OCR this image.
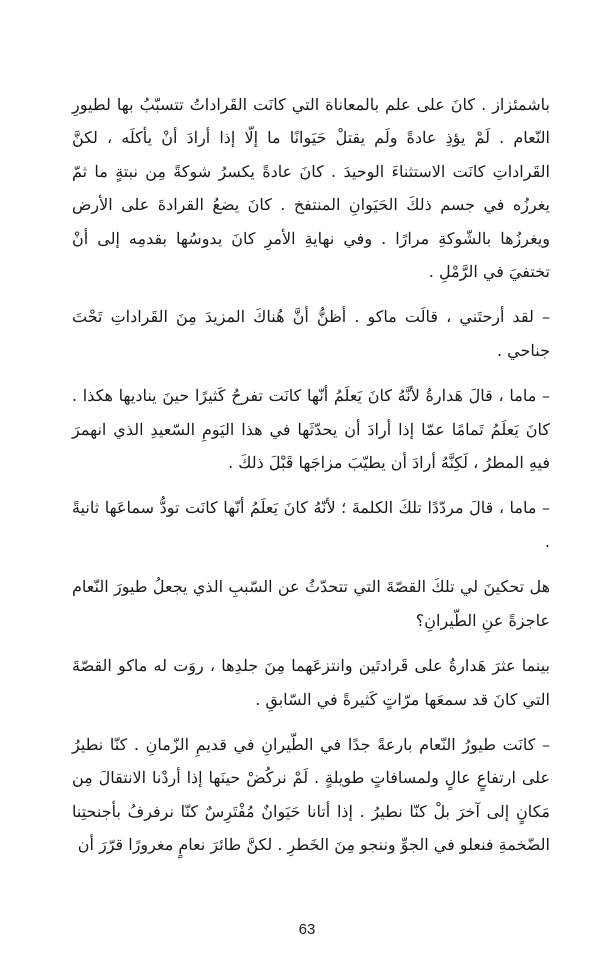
باشمئزاز . كانَ على علم بالمعاناة التي كانَت القَراداتُ تتسبّبُ بها لطيورِ النّعام . لَمْ يؤذِ عادةً ولَم يقتلْ حَيَوانًا ما إلّا إذا أرادَ أنْ يأكلَه ، لكنَّ القَراداتِ كانَت الاستثناءَ الوحيدَ . كانَ عادةً يكسرُ شوكةً مِن نبتةٍ ما ثمّ يغرزُه في جسم ذلكَ الحَيَوانِ المنتفخ . كانَ يضعُ القرادةَ على الأرض ويغرزُها بالشّوكةِ مرارًا . وفي نهايةِ الأمرِ كانَ يدوسُها بقدمِه إلى أنْ تختفيَ في الرَّمْلِ .

– لقد أرحتَني ، قالَت ماكو . أظنُّ أنَّ هُناكَ المزيدَ مِنَ القَراداتِ تَحْتَ جناحي .

– ماما ، قالَ هَدارةُ لأنَّهُ كانَ يَعلَمُ أنّها كانَت تفرحُ كَثيرًا حينَ يناديها هكذا . كانَ يَعلَمُ تَمامًا عمّا إذا أرادَ أن يحدّثَها في هذا اليَومِ السّعيدِ الذي انهمرَ فيهِ المطرُ ، لَكِنَّهُ أرادَ أن يطيّبَ مزاجَها قَبْلَ ذلكَ .

– ماما ، قالَ مردّدًا تلكَ الكلمةَ ؛ لأنّهُ كانَ يَعلَمُ أنّها كانَت تودُّ سماعَها ثانيةً .

هل تحكينَ لي تلكَ القصّةَ التي تتحدّثُ عن السّببِ الذي يجعلُ طيورَ النّعام عاجزةً عنِ الطّيرانِ؟

بينما عثرَ هَدارةُ على قَرادتَين وانتزعَهما مِنَ جلدِها ، روَت له ماكو القصّةَ التي كانَ قد سمعَها مرّاتٍ كَثيرةً في السّابقِ .

– كانَت طيورُ النّعام بارعةً جدًا في الطّيرانِ في قديمِ الزّمانِ . كنّا نطيرُ على ارتفاعٍ عالٍ ولمسافاتٍ طويلةٍ . لَمْ نركُضْ حينَها إذا أردْنا الانتقالَ مِن مَكانٍ إلى آخرَ بلْ كنّا نطيرُ . إذا أتانا حَيَوانٌ مُفْتَرِسٌ كنّا نرفرفُ بأجنحتِنا الضّخمةِ فنعلو في الجوِّ وننجو مِنَ الخَطرِ . لكنَّ طائرَ نعامٍ مغرورًا قرّرَ أن

63
